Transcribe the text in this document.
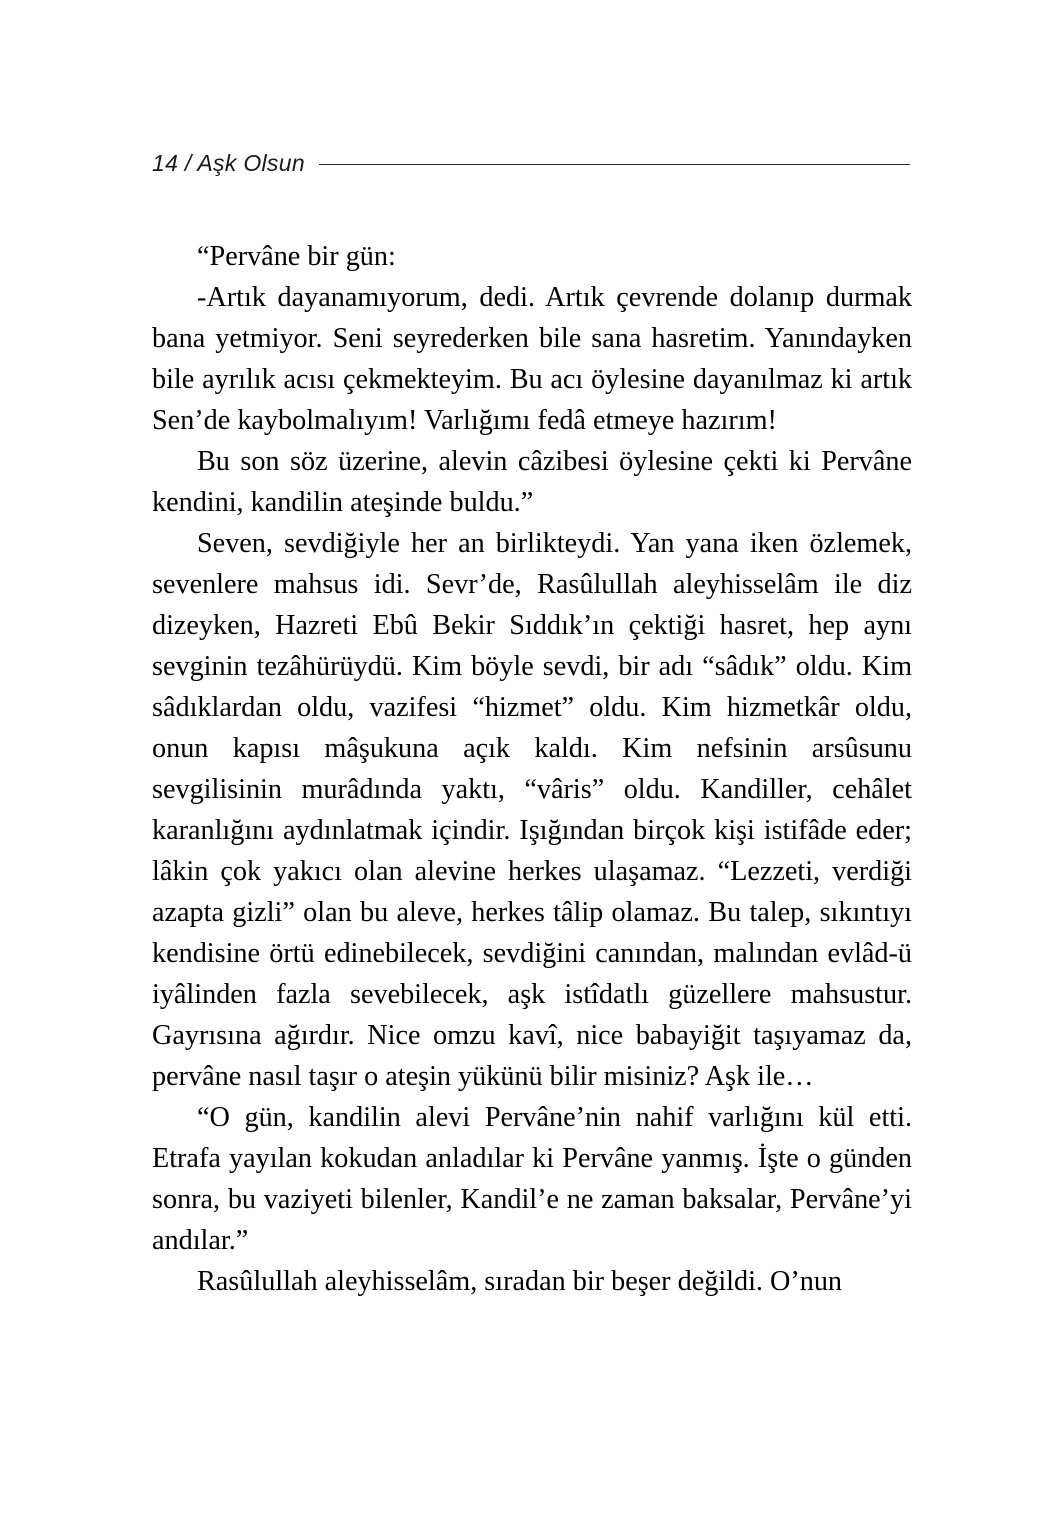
14 / Aşk Olsun

“Pervâne bir gün:

-Artık dayanamıyorum, dedi. Artık çevrende dolanıp durmak bana yetmiyor. Seni seyrederken bile sana hasretim. Yanındayken bile ayrılık acısı çekmekteyim. Bu acı öylesine dayanılmaz ki artık Sen’de kaybolmalıyım! Varlığımı fedâ etmeye hazırım!

Bu son söz üzerine, alevin câzibesi öylesine çekti ki Pervâne kendini, kandilin ateşinde buldu.”

Seven, sevdiğiyle her an birlikteydi. Yan yana iken özlemek, sevenlere mahsus idi. Sevr’de, Rasûlullah aleyhisselâm ile diz dizeyken, Hazreti Ebû Bekir Sıddık’ın çektiği hasret, hep aynı sevginin tezâhürüydü. Kim böyle sevdi, bir adı “sâdık” oldu. Kim sâdıklardan oldu, vazifesi “hizmet” oldu. Kim hizmetkâr oldu, onun kapısı mâşukuna açık kaldı. Kim nefsinin arsûsunu sevgilisinin murâdında yaktı, “vâris” oldu. Kandiller, cehâlet karanlığını aydınlatmak içindir. Işığından birçok kişi istifâde eder; lâkin çok yakıcı olan alevine herkes ulaşamaz. “Lezzeti, verdiği azapta gizli” olan bu aleve, herkes tâlip olamaz. Bu talep, sıkıntıyı kendisine örtü edinebilecek, sevdiğini canından, malından evlâd-ü iyâlinden fazla sevebilecek, aşk istîdatlı güzellere mahsustur. Gayrısına ağırdır. Nice omzu kavî, nice babayiğit taşıyamaz da, pervâne nasıl taşır o ateşin yükünü bilir misiniz? Aşk ile…

“O gün, kandilin alevi Pervâne’nin nahif varlığını kül etti. Etrafa yayılan kokudan anladılar ki Pervâne yanmış. İşte o günden sonra, bu vaziyeti bilenler, Kandil’e ne zaman baksalar, Pervâne’yi andılar.”

Rasûlullah aleyhisselâm, sıradan bir beşer değildi. O’nun
